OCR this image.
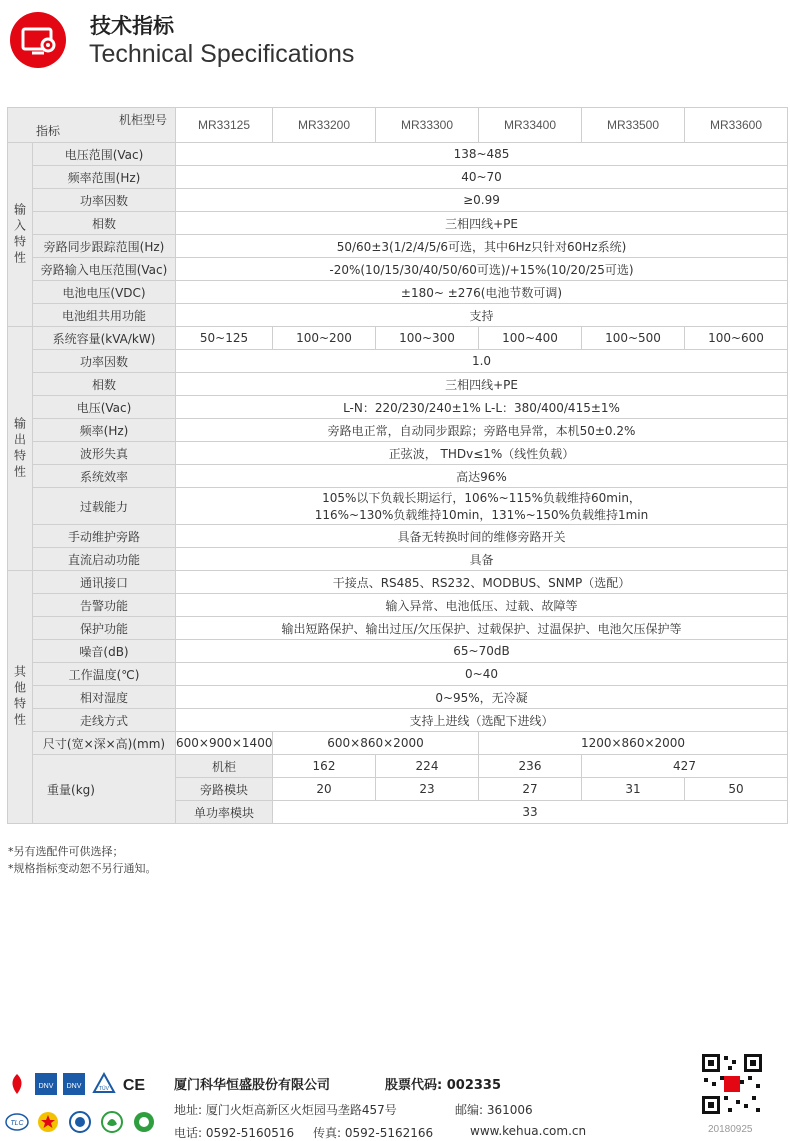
技术指标
Technical Specifications
机柜型号
指标		MR33125	MR33200	MR33300	MR33400	MR33500	MR33600
输入特性	电压范围(Vac)	138~485					
	频率范围(Hz)	40~70					
	功率因数	≥0.99					
	相数	三相四线+PE					
	旁路同步跟踪范围(Hz)	50/60±3(1/2/4/5/6可选，其中6Hz只针对60Hz系统)					
	旁路输入电压范围(Vac)	-20%(10/15/30/40/50/60可选)/+15%(10/20/25可选)					
	电池电压(VDC)	±180~ ±276(电池节数可调)					
	电池组共用功能	支持					
输出特性	系统容量(kVA/kW)	50~125	100~200	100~300	100~400	100~500	100~600
	功率因数	1.0					
	相数	三相四线+PE					
	电压(Vac)	L-N：220/230/240±1% L-L：380/400/415±1%					
	频率(Hz)	旁路电正常，自动同步跟踪；旁路电异常，本机50±0.2%					
	波形失真	正弦波， THDv≤1%（线性负载）					
	系统效率	高达96%					
	过载能力	105%以下负载长期运行，106%~115%负载维持60min，
116%~130%负载维持10min，131%~150%负载维持1min					

	手动维护旁路	具备无转换时间的维修旁路开关					
	直流启动功能	具备					
其他特性	通讯接口	干接点、RS485、RS232、MODBUS、SNMP（选配）					
	告警功能	输入异常、电池低压、过载、故障等					
	保护功能	输出短路保护、输出过压/欠压保护、过载保护、过温保护、电池欠压保护等					
	噪音(dB)	65~70dB					
	工作温度(℃)	0~40					
	相对湿度	0~95%，无冷凝					
	走线方式	支持上进线（选配下进线）					
	尺寸(宽×深×高)(mm)	600×900×1400	600×860×2000		1200×860×2000		

	重量(kg)	机柜	162	224	236	427	
		旁路模块	20	23	27	31	50
		单功率模块	33				
*另有选配件可供选择；
*规格指标变动恕不另行通知。
DNV DNV	TÜV CE
TLC
厦门科华恒盛股份有限公司	股票代码: 002335
地址: 厦门火炬高新区火炬园马垄路457号	邮编: 361006
电话: 0592-5160516 传真: 0592-5162166	www.kehua.com.cn	20180925
